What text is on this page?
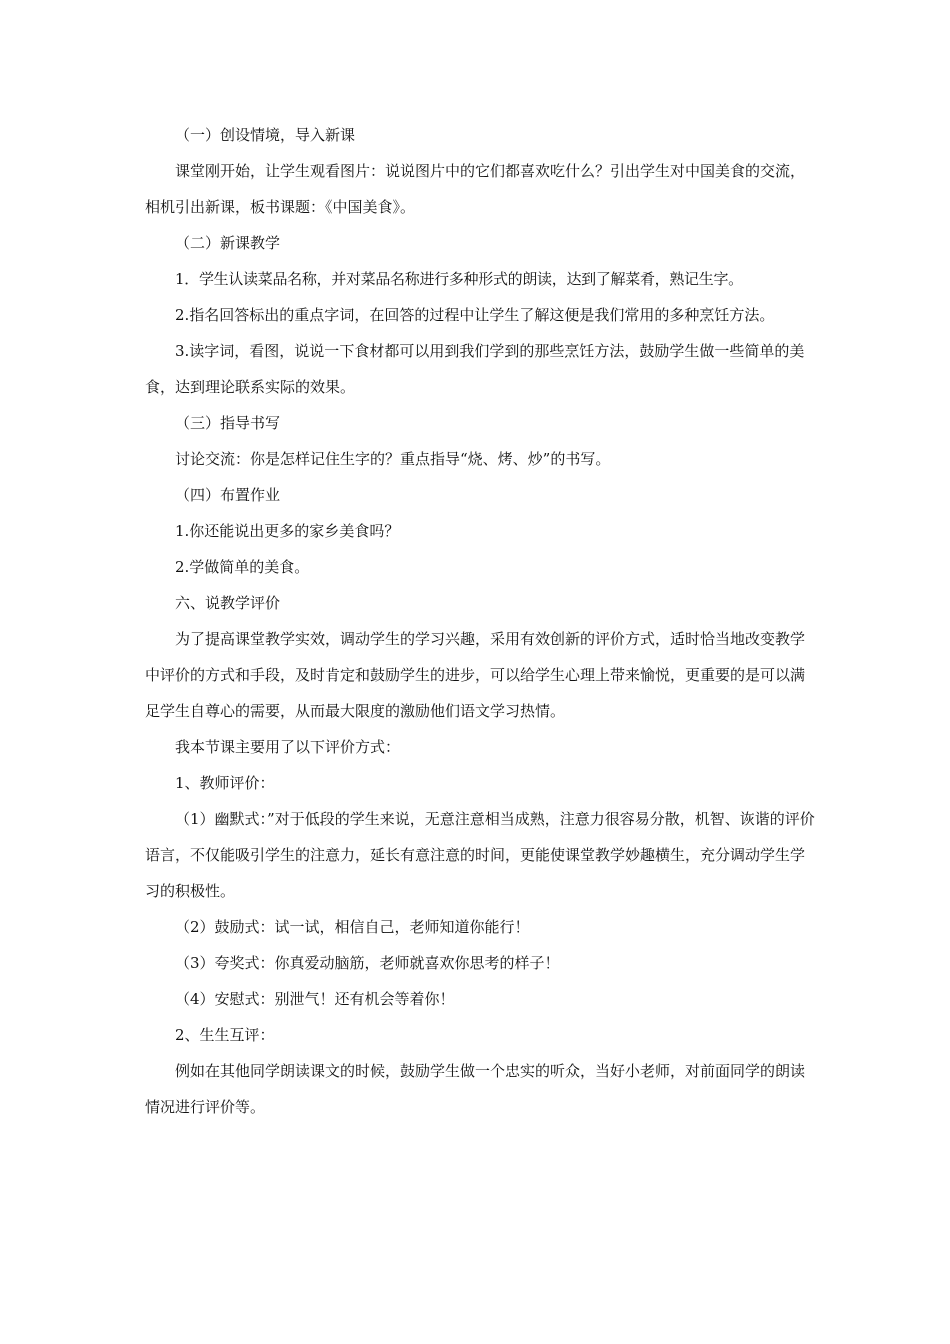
（一）创设情境，导入新课

课堂刚开始，让学生观看图片：说说图片中的它们都喜欢吃什么？引出学生对中国美食的交流，相机引出新课，板书课题：《中国美食》。

（二）新课教学

1．学生认读菜品名称，并对菜品名称进行多种形式的朗读，达到了解菜肴，熟记生字。

2.指名回答标出的重点字词，在回答的过程中让学生了解这便是我们常用的多种烹饪方法。

3.读字词，看图，说说一下食材都可以用到我们学到的那些烹饪方法，鼓励学生做一些简单的美食，达到理论联系实际的效果。

（三）指导书写

讨论交流：你是怎样记住生字的？重点指导“烧、烤、炒”的书写。

（四）布置作业

1.你还能说出更多的家乡美食吗？

2.学做简单的美食。

六、说教学评价

为了提高课堂教学实效，调动学生的学习兴趣，采用有效创新的评价方式，适时恰当地改变教学中评价的方式和手段，及时肯定和鼓励学生的进步，可以给学生心理上带来愉悦，更重要的是可以满足学生自尊心的需要，从而最大限度的激励他们语文学习热情。

我本节课主要用了以下评价方式：

1、教师评价：

（1）幽默式：”对于低段的学生来说，无意注意相当成熟，注意力很容易分散，机智、诙谐的评价语言，不仅能吸引学生的注意力，延长有意注意的时间，更能使课堂教学妙趣横生，充分调动学生学习的积极性。

（2）鼓励式：试一试，相信自己，老师知道你能行！

（3）夸奖式：你真爱动脑筋，老师就喜欢你思考的样子！

（4）安慰式：别泄气！还有机会等着你！

2、生生互评：

例如在其他同学朗读课文的时候，鼓励学生做一个忠实的听众，当好小老师，对前面同学的朗读情况进行评价等。
